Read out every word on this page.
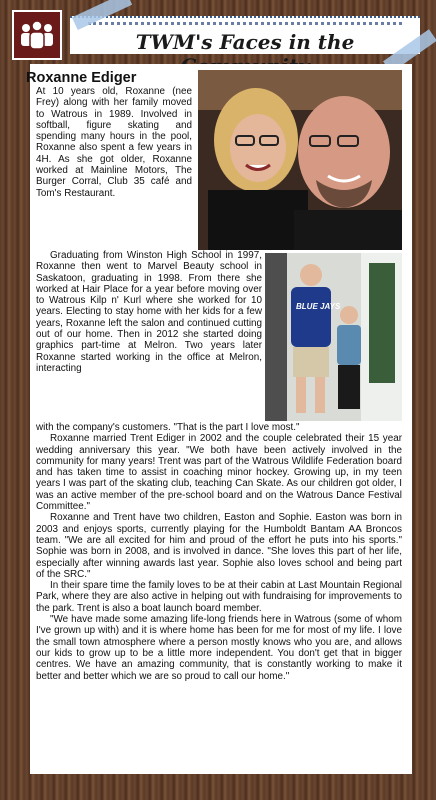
TWM's Faces in the
Roxanne Ediger

At 10 years old, Roxanne (nee Frey) along with her family moved to Watrous in 1989. Involved in softball, figure skating and spending many hours in the pool, Roxanne also spent a few years in 4H. As she got older, Roxanne worked at Mainline Motors, The Burger Corral, Club 35 café and Tom's Restaurant.

BLUE JAYS

Graduating from Winston High School in 1997, Roxanne then went to Marvel Beauty school in Saskatoon, graduating in 1998. From there she worked at Hair Place for a year before moving over to Watrous Kilp n' Kurl where she worked for 10 years. Electing to stay home with her kids for a few years, Roxanne left the salon and continued cutting out of our home. Then in 2012 she started doing graphics part-time at Melron. Two years later Roxanne started working in the office at Melron, interacting

with the company's customers. "That is the part I love most."

Roxanne married Trent Ediger in 2002 and the couple celebrated their 15 year wedding anniversary this year. "We both have been actively involved in the community for many years! Trent was part of the Watrous Wildlife Federation board and has taken time to assist in coaching minor hockey. Growing up, in my teen years I was part of the skating club, teaching Can Skate. As our children got older, I was an active member of the pre-school board and on the Watrous Dance Festival Committee."

Roxanne and Trent have two children, Easton and Sophie. Easton was born in 2003 and enjoys sports, currently playing for the Humboldt Bantam AA Broncos team. "We are all excited for him and proud of the effort he puts into his sports." Sophie was born in 2008, and is involved in dance. "She loves this part of her life, especially after winning awards last year. Sophie also loves school and being part of the SRC."

In their spare time the family loves to be at their cabin at Last Mountain Regional Park, where they are also active in helping out with fundraising for improvements to the park. Trent is also a boat launch board member.

"We have made some amazing life-long friends here in Watrous (some of whom I've grown up with) and it is where home has been for me for most of my life. I love the small town atmosphere where a person mostly knows who you are, and allows our kids to grow up to be a little more independent. You don't get that in bigger centres. We have an amazing community, that is constantly working to make it better and better which we are so proud to call our home."
